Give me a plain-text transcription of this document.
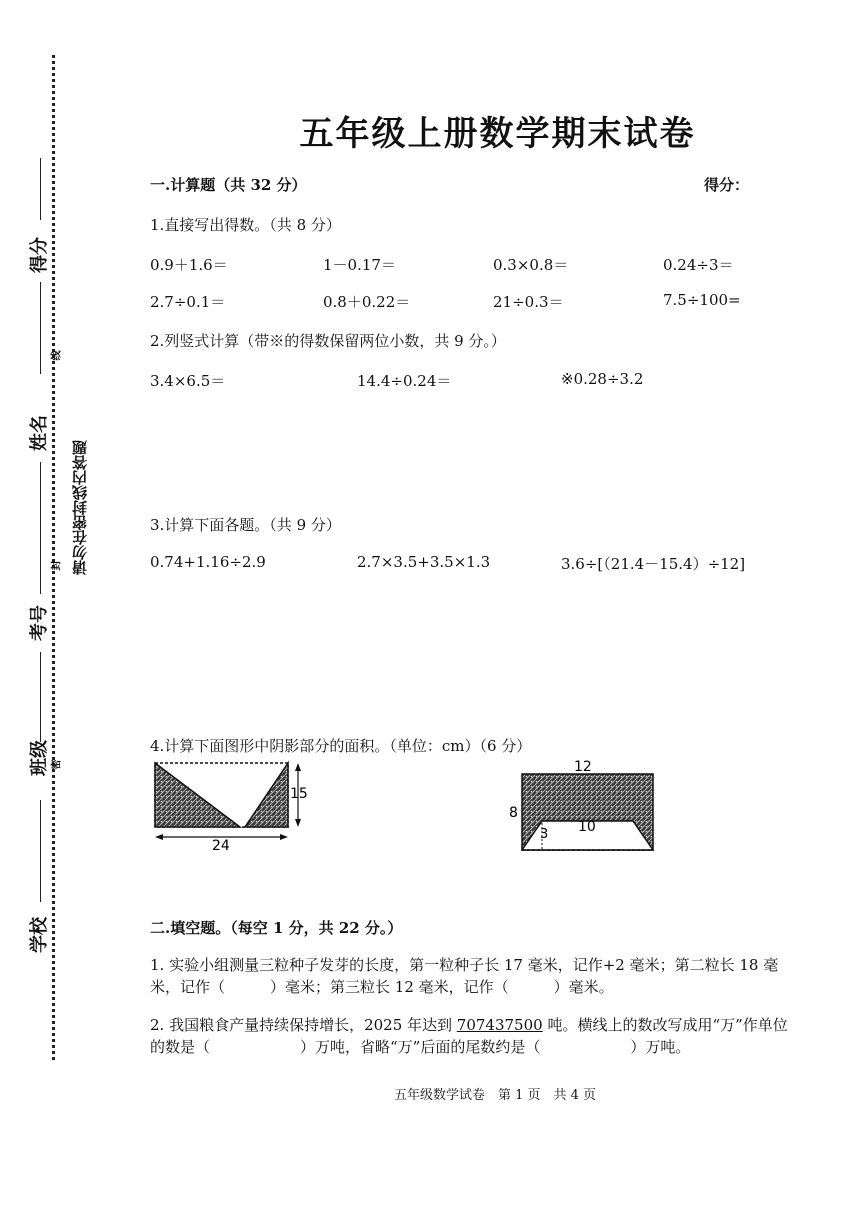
得分
姓名
考号
班级
学校
线
封
密
请勿在密封线内答题
五年级上册数学期末试卷
一.计算题（共 32 分）	得分：
1.直接写出得数。（共 8 分）
0.9＋1.6＝	1－0.17＝	0.3×0.8＝	0.24÷3＝
2.7÷0.1＝	0.8＋0.22＝	21÷0.3＝	7.5÷100=
2.列竖式计算（带※的得数保留两位小数，共 9 分。）
3.4×6.5＝	14.4÷0.24＝	※0.28÷3.2
3.计算下面各题。（共 9 分）
0.74+1.16÷2.9	2.7×3.5+3.5×1.3	3.6÷[（21.4－15.4）÷12]
4.计算下面图形中阴影部分的面积。（单位：cm）（6 分）
15
24
12
8
10
3
二.填空题。（每空 1 分，共 22 分。）
1. 实验小组测量三粒种子发芽的长度，第一粒种子长 17 毫米，记作+2 毫米；第二粒长 18 毫
米，记作（　　　）毫米；第三粒长 12 毫米，记作（　　　）毫米。
2. 我国粮食产量持续保持增长，2025 年达到 707437500 吨。横线上的数改写成用“万”作单位
的数是（　　　　　　）万吨，省略“万”后面的尾数约是（　　　　　　）万吨。
五年级数学试卷　第 1 页　共 4 页
